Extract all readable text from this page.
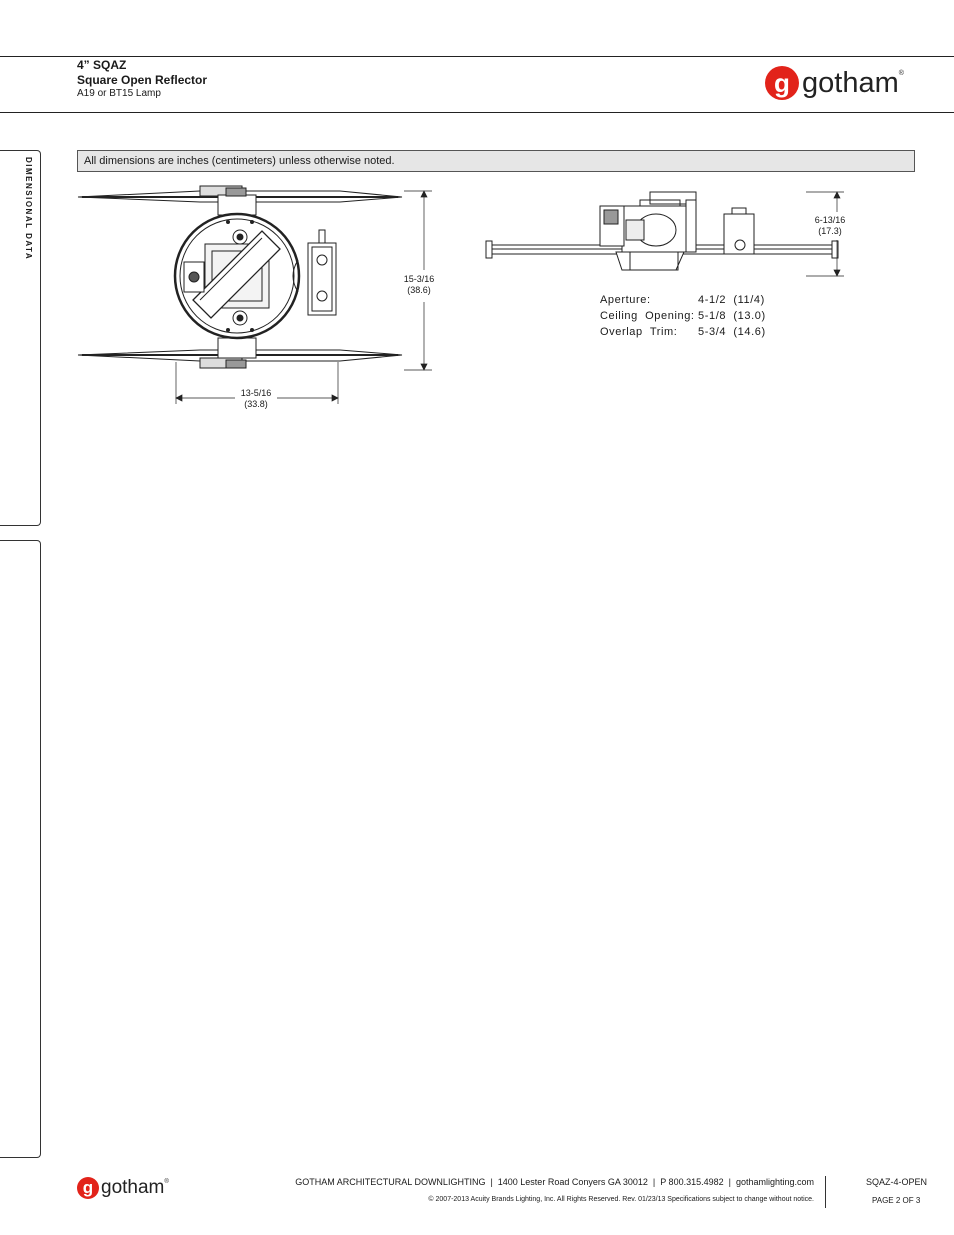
4” SQAZ
Square Open Reflector
A19 or BT15 Lamp	g gotham ®
DIMENSIONAL DATA	All dimensions are inches (centimeters) unless otherwise noted.
15-3/16
(38.6)
13-5/16
(33.8)
6-13/16
(17.3)
Aperture:	4-1/2  (11/4)
Ceiling  Opening: 5-1/8  (13.0)
Overlap  Trim:	5-3/4  (14.6)
g gotham ®	GOTHAM ARCHITECTURAL DOWNLIGHTING  |  1400 Lester Road Conyers GA 30012  |  P 800.315.4982  |  gothamlighting.com
© 2007-2013 Acuity Brands Lighting, Inc. All Rights Reserved. Rev. 01/23/13 Specifications subject to change without notice.
SQAZ-4-OPEN
PAGE 2 OF 3
